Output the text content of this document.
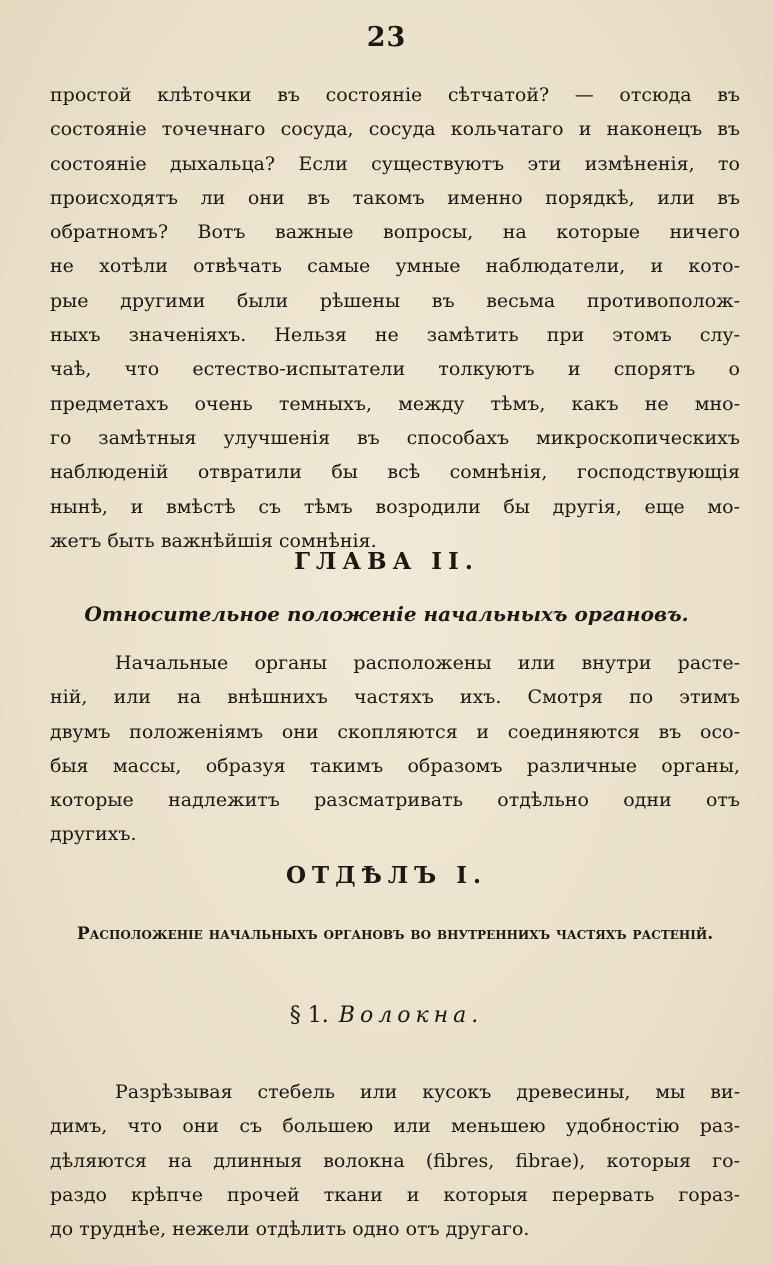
23
простой клѣточки въ состояніе сѣтчатой? — отсюда въ
состояніе точечнаго сосуда, сосуда кольчатаго и наконецъ въ
состояніе дыхальца? Если существуютъ эти измѣненія, то
происходятъ ли они въ такомъ именно порядкѣ, или въ
обратномъ? Вотъ важные вопросы, на которые ничего
не хотѣли отвѣчать самые умные наблюдатели, и кото-
рые другими были рѣшены въ весьма противополож-
ныхъ значеніяхъ. Нельзя не замѣтить при этомъ слу-
чаѣ, что естество-испытатели толкуютъ и спорятъ о
предметахъ очень темныхъ, между тѣмъ, какъ не мно-
го замѣтныя улучшенія въ способахъ микроскопическихъ
наблюденій отвратили бы всѣ сомнѣнія, господствующія
нынѣ, и вмѣстѣ съ тѣмъ возродили бы другія, еще мо-
жетъ быть важнѣйшія сомнѣнія.
ГЛАВА II.
Относительное положеніе начальныхъ органовъ.
Начальные органы расположены или внутри расте-
ній, или на внѣшнихъ частяхъ ихъ. Смотря по этимъ
двумъ положеніямъ они скопляются и соединяются въ осо-
быя массы, образуя такимъ образомъ различные органы,
которые надлежитъ разсматривать отдѣльно одни отъ
другихъ.
ОТДѢЛЪ I.
Расположеніе начальныхъ органовъ во внутреннихъ частяхъ растеній.
§ 1. Волокна.
Разрѣзывая стебель или кусокъ древесины, мы ви-
димъ, что они съ большею или меньшею удобностію раз-
дѣляются на длинныя волокна (fibres, fibrae), которыя го-
раздо крѣпче прочей ткани и которыя перервать гораз-
до труднѣе, нежели отдѣлить одно отъ другаго.
